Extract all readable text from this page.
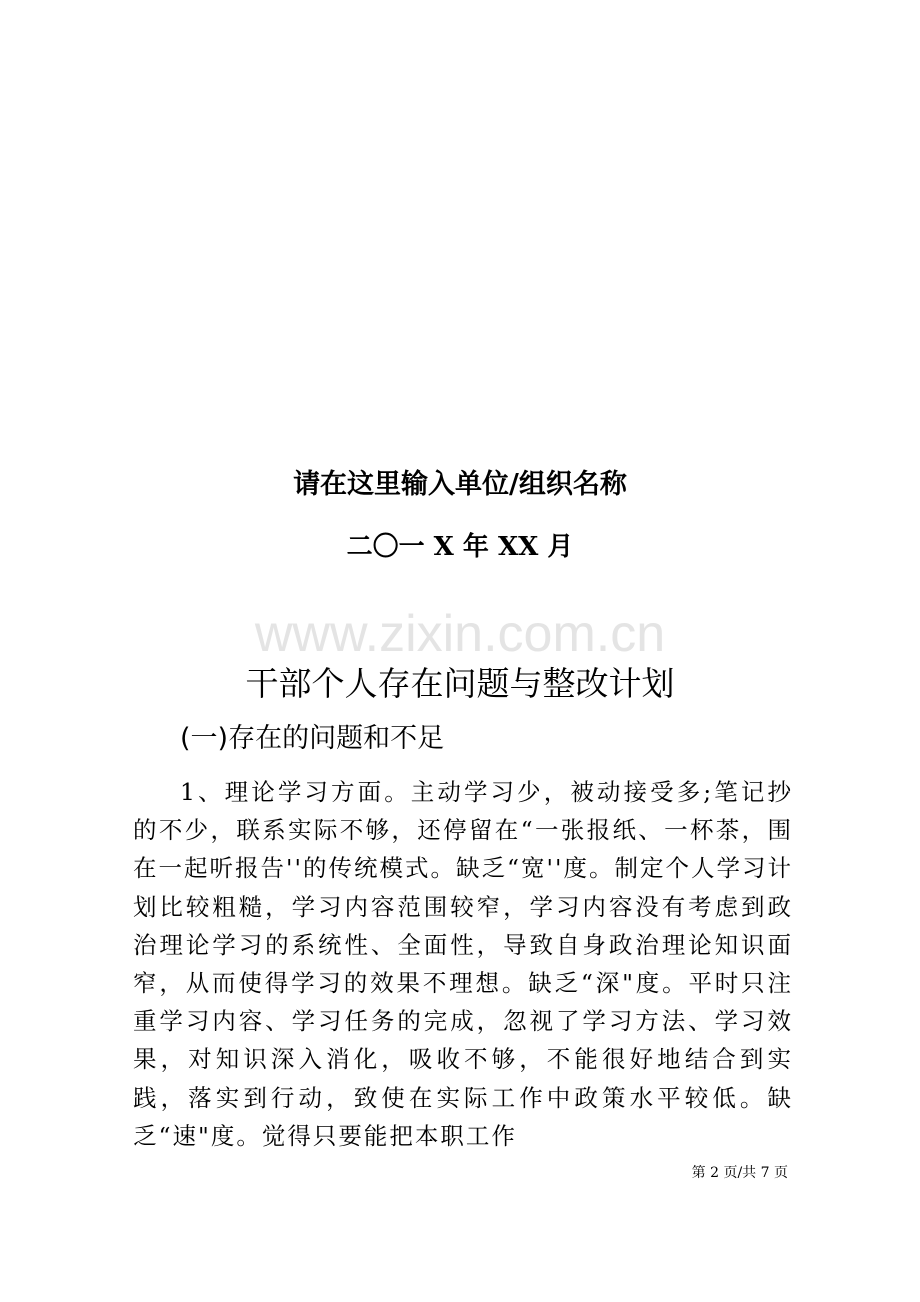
请在这里输入单位/组织名称
二〇一 X 年 XX 月
www.zixin.com.cn
干部个人存在问题与整改计划
(一)存在的问题和不足
1、理论学习方面。主动学习少，被动接受多;笔记抄的不少，联系实际不够，还停留在“一张报纸、一杯茶，围在一起听报告''的传统模式。缺乏“宽''度。制定个人学习计划比较粗糙，学习内容范围较窄，学习内容没有考虑到政治理论学习的系统性、全面性，导致自身政治理论知识面窄，从而使得学习的效果不理想。缺乏“深"度。平时只注重学习内容、学习任务的完成，忽视了学习方法、学习效果，对知识深入消化，吸收不够，不能很好地结合到实践，落实到行动，致使在实际工作中政策水平较低。缺乏“速"度。觉得只要能把本职工作
第 2 页/共 7 页
